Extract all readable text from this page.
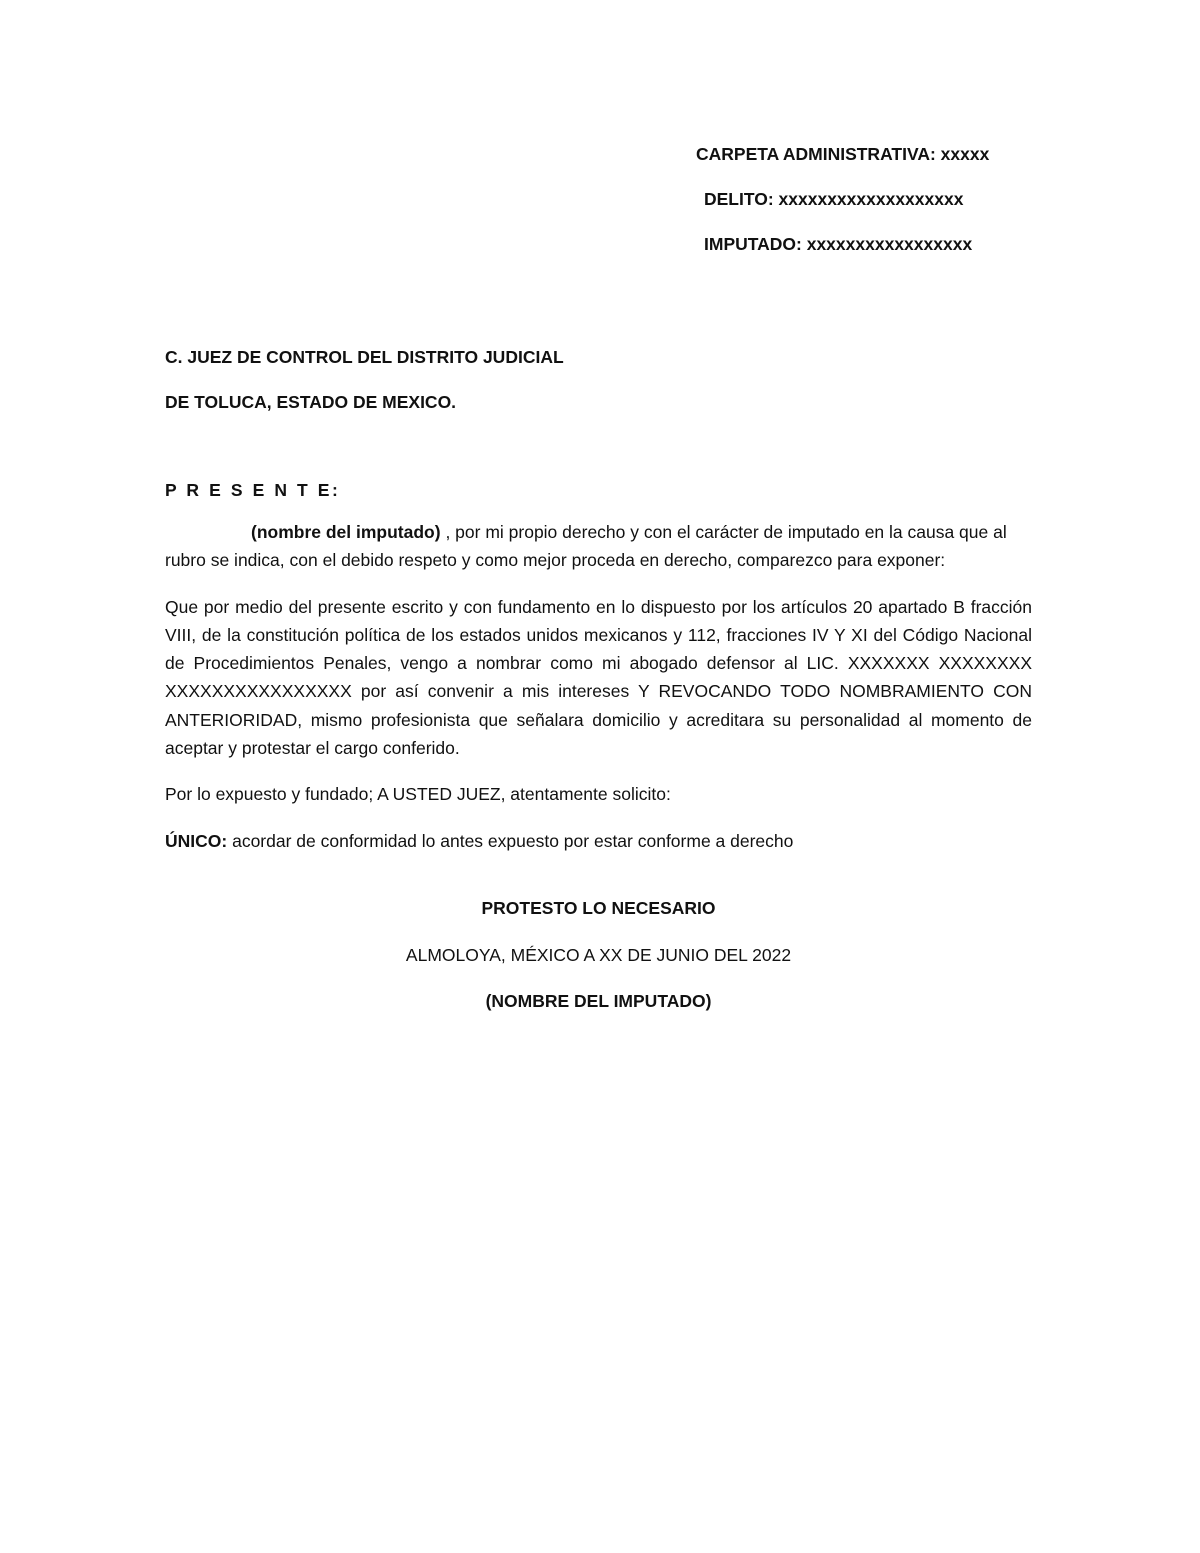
CARPETA ADMINISTRATIVA: xxxxx
DELITO: xxxxxxxxxxxxxxxxxxx
IMPUTADO: xxxxxxxxxxxxxxxxx
C. JUEZ DE CONTROL DEL DISTRITO JUDICIAL
DE TOLUCA, ESTADO DE MEXICO.
P R E S E N T E:

(nombre del imputado) , por mi propio derecho y con el carácter de imputado en la causa que al rubro se indica, con el debido respeto y como mejor proceda en derecho, comparezco para exponer:

Que por medio del presente escrito y con fundamento en lo dispuesto por los artículos 20 apartado B fracción VIII, de la constitución política de los estados unidos mexicanos y 112, fracciones IV Y XI del Código Nacional de Procedimientos Penales, vengo a nombrar como mi abogado defensor al LIC. XXXXXXX XXXXXXXX XXXXXXXXXXXXXXXX por así convenir a mis intereses Y REVOCANDO TODO NOMBRAMIENTO CON ANTERIORIDAD, mismo profesionista que señalara domicilio y acreditara su personalidad al momento de aceptar y protestar el cargo conferido.

Por lo expuesto y fundado; A USTED JUEZ, atentamente solicito:

ÚNICO: acordar de conformidad lo antes expuesto por estar conforme a derecho

PROTESTO LO NECESARIO
ALMOLOYA, MÉXICO A XX DE JUNIO DEL 2022
(NOMBRE DEL IMPUTADO)
